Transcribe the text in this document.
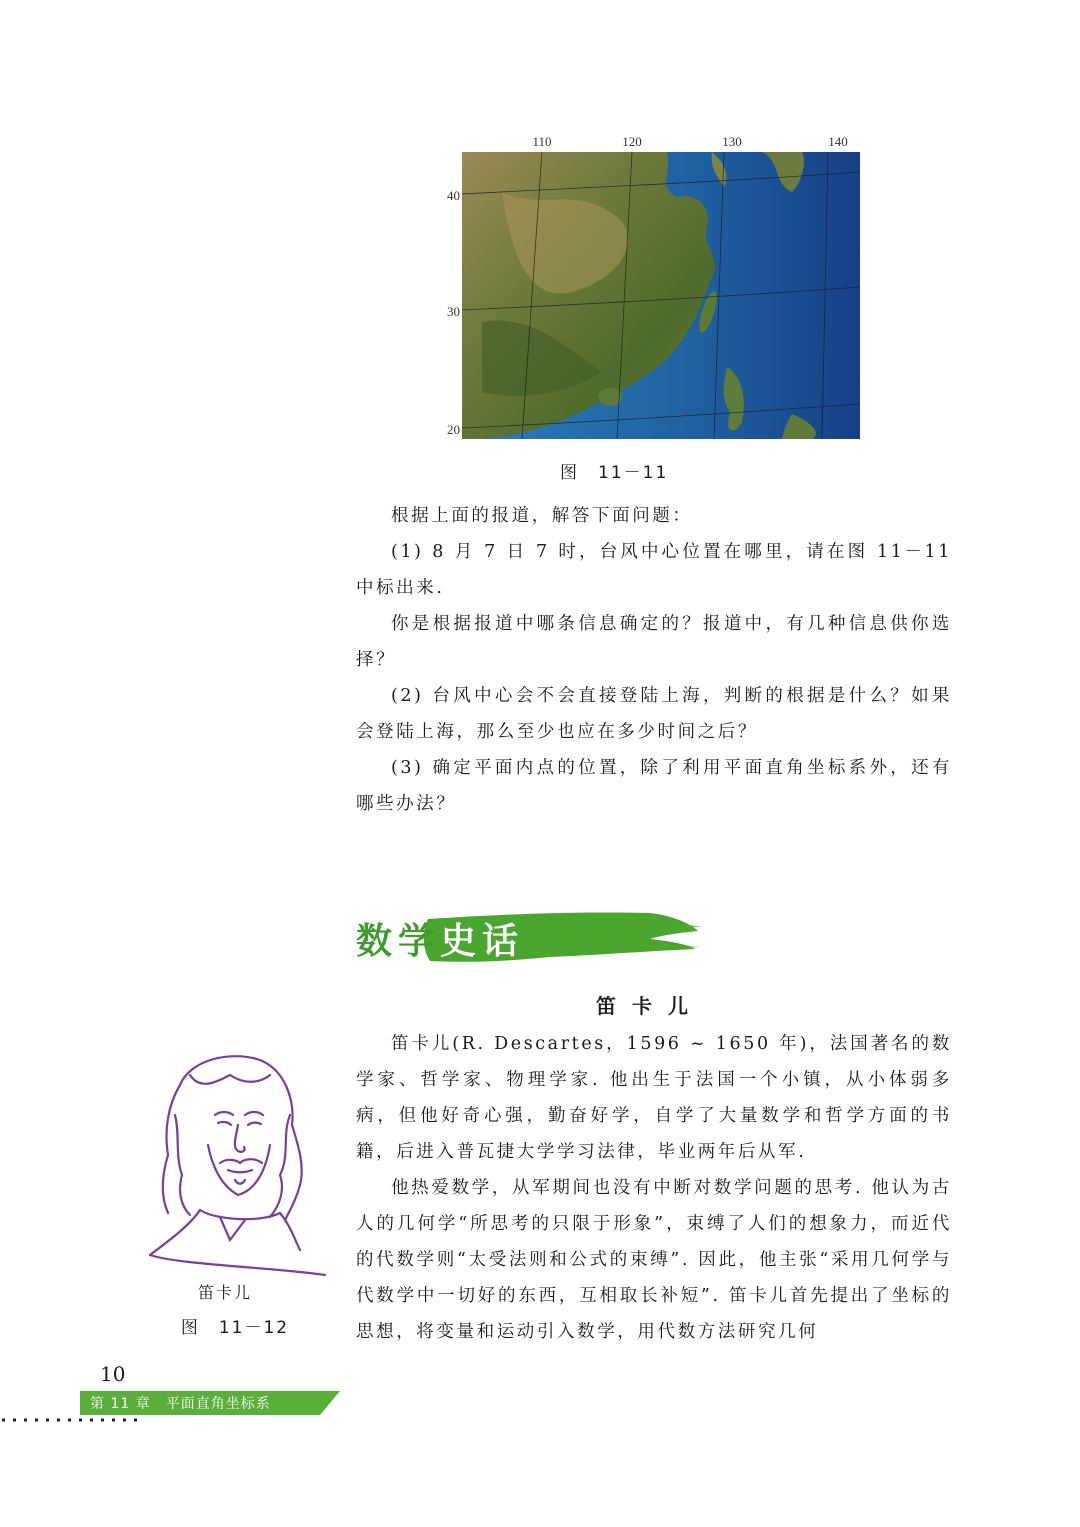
110	120	130	140
40
30
20
图　11－11

根据上面的报道，解答下面问题：

(1) 8 月 7 日 7 时，台风中心位置在哪里，请在图 11－11 中标出来.

你是根据报道中哪条信息确定的？报道中，有几种信息供你选择？

(2) 台风中心会不会直接登陆上海，判断的根据是什么？如果会登陆上海，那么至少也应在多少时间之后？

(3) 确定平面内点的位置，除了利用平面直角坐标系外，还有哪些办法？

数学史话
笛卡儿

笛卡儿(R. Descartes，1596 ~ 1650 年)，法国著名的数学家、哲学家、物理学家. 他出生于法国一个小镇，从小体弱多病，但他好奇心强，勤奋好学，自学了大量数学和哲学方面的书籍，后进入普瓦捷大学学习法律，毕业两年后从军.

他热爱数学，从军期间也没有中断对数学问题的思考. 他认为古人的几何学“所思考的只限于形象”，束缚了人们的想象力，而近代的代数学则“太受法则和公式的束缚”. 因此，他主张“采用几何学与代数学中一切好的东西，互相取长补短”. 笛卡儿首先提出了坐标的思想，将变量和运动引入数学，用代数方法研究几何

笛卡儿
图　11－12
10
第 11 章　平面直角坐标系
